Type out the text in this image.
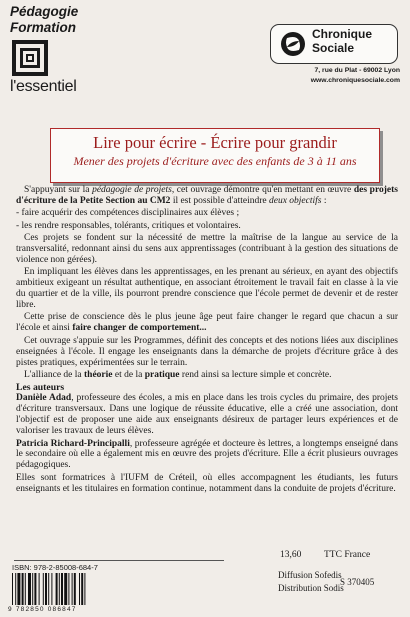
Pédagogie
Formation
l'essentiel
Chronique
Sociale
7, rue du Plat - 69002 Lyon
www.chroniquesociale.com
Lire pour écrire - Écrire pour grandir
Mener des projets d'écriture avec des enfants de 3 à 11 ans

S'appuyant sur la pédagogie de projets, cet ouvrage démontre qu'en mettant en œuvre des projets d'écriture de la Petite Section au CM2 il est possible d'atteindre deux objectifs :

- faire acquérir des compétences disciplinaires aux élèves ;

- les rendre responsables, tolérants, critiques et volontaires.

Ces projets se fondent sur la nécessité de mettre la maîtrise de la langue au service de la transversalité, redonnant ainsi du sens aux apprentissages (contribuant à la gestion des situations de violence non gérées).

En impliquant les élèves dans les apprentissages, en les prenant au sérieux, en ayant des objectifs ambitieux exigeant un résultat authentique, en associant étroitement le travail fait en classe à la vie du quartier et de la ville, ils pourront prendre conscience que l'école permet de devenir et de rester libre.

Cette prise de conscience dès le plus jeune âge peut faire changer le regard que chacun a sur l'école et ainsi faire changer de comportement...

Cet ouvrage s'appuie sur les Programmes, définit des concepts et des notions liées aux disciplines enseignées à l'école. Il engage les enseignants dans la démarche de projets d'écriture grâce à des pistes pratiques, expérimentées sur le terrain.

L'alliance de la théorie et de la pratique rend ainsi sa lecture simple et concrète.

Les auteurs

Danièle Adad, professeure des écoles, a mis en place dans les trois cycles du primaire, des projets d'écriture transversaux. Dans une logique de réussite éducative, elle a créé une association, dont l'objectif est de proposer une aide aux enseignants désireux de partager leurs expériences et de valoriser les travaux de leurs élèves.

Patricia Richard-Principalli, professeure agrégée et docteure ès lettres, a longtemps enseigné dans le secondaire où elle a également mis en œuvre des projets d'écriture. Elle a écrit plusieurs ouvrages pédagogiques.

Elles sont formatrices à l'IUFM de Créteil, où elles accompagnent les étudiants, les futurs enseignants et les titulaires en formation continue, notamment dans la conduite de projets d'écriture.

ISBN: 978-2-85008-684-7
9 782850 086847
13,60 TTC France
Diffusion Sofedis
Distribution Sodis
S 370405
